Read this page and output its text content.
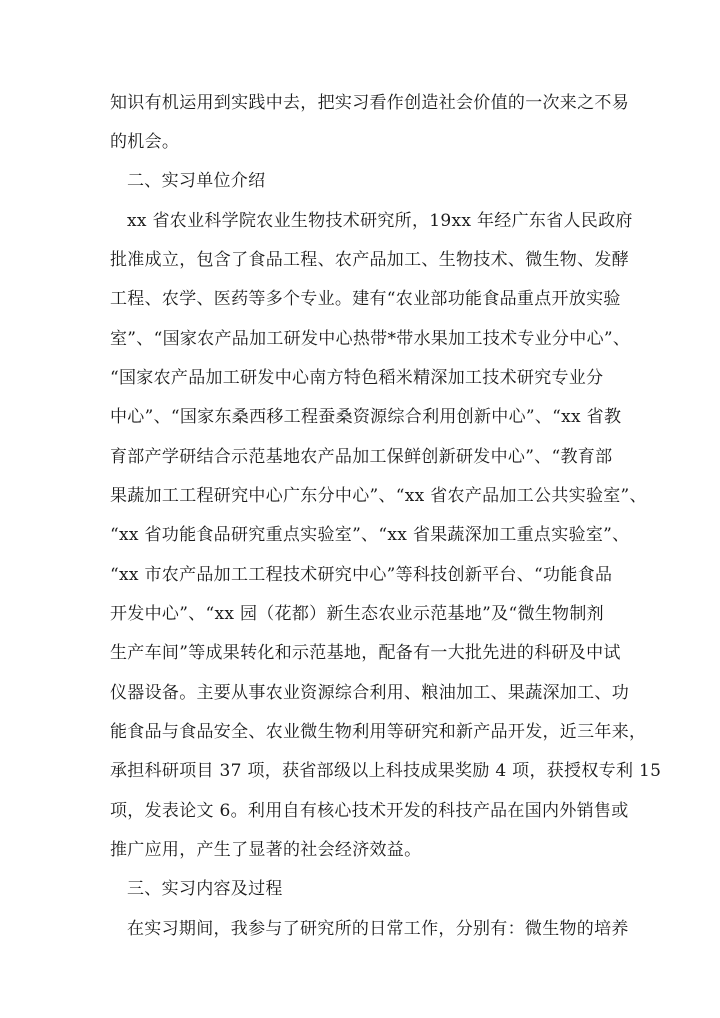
知识有机运用到实践中去，把实习看作创造社会价值的一次来之不易
的机会。
二、实习单位介绍
xx 省农业科学院农业生物技术研究所，19xx 年经广东省人民政府
批准成立，包含了食品工程、农产品加工、生物技术、微生物、发酵
工程、农学、医药等多个专业。建有“农业部功能食品重点开放实验
室”、“国家农产品加工研发中心热带*带水果加工技术专业分中心”、
“国家农产品加工研发中心南方特色稻米精深加工技术研究专业分
中心”、“国家东桑西移工程蚕桑资源综合利用创新中心”、“xx 省教
育部产学研结合示范基地农产品加工保鲜创新研发中心”、“教育部
果蔬加工工程研究中心广东分中心”、“xx 省农产品加工公共实验室”、
“xx 省功能食品研究重点实验室”、“xx 省果蔬深加工重点实验室”、
“xx 市农产品加工工程技术研究中心”等科技创新平台、“功能食品
开发中心”、“xx 园（花都）新生态农业示范基地”及“微生物制剂
生产车间”等成果转化和示范基地，配备有一大批先进的科研及中试
仪器设备。主要从事农业资源综合利用、粮油加工、果蔬深加工、功
能食品与食品安全、农业微生物利用等研究和新产品开发，近三年来，
承担科研项目 37 项，获省部级以上科技成果奖励 4 项，获授权专利 15
项，发表论文 6。利用自有核心技术开发的科技产品在国内外销售或
推广应用，产生了显著的社会经济效益。
三、实习内容及过程
在实习期间，我参与了研究所的日常工作，分别有：微生物的培养
